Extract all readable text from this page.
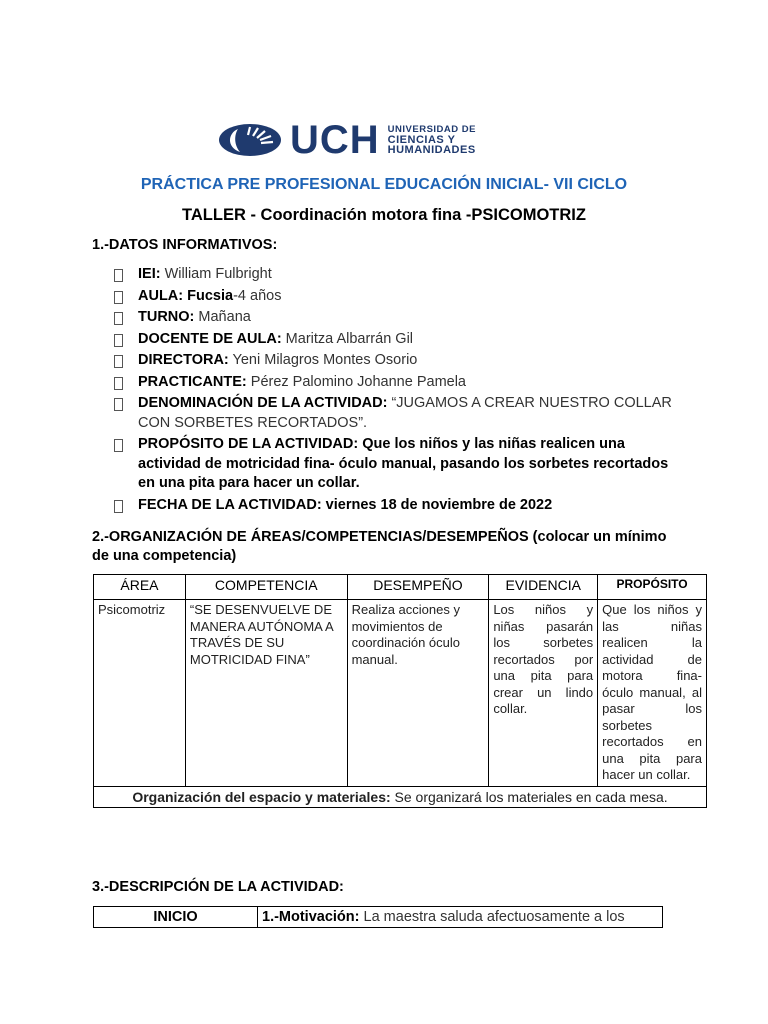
UCH UNIVERSIDAD DE
CIENCIAS Y
HUMANIDADES
PRÁCTICA PRE PROFESIONAL EDUCACIÓN INICIAL- VII CICLO
TALLER - Coordinación motora fina -PSICOMOTRIZ
1.-DATOS INFORMATIVOS:
IEI: William Fulbright
AULA: Fucsia-4 años
TURNO: Mañana
DOCENTE DE AULA: Maritza Albarrán Gil
DIRECTORA: Yeni Milagros Montes Osorio
PRACTICANTE: Pérez Palomino Johanne Pamela
DENOMINACIÓN DE LA ACTIVIDAD: “JUGAMOS A CREAR NUESTRO COLLAR CON SORBETES RECORTADOS”.
PROPÓSITO DE LA ACTIVIDAD: Que los niños y las niñas realicen una actividad de motricidad fina- óculo manual, pasando los sorbetes recortados en una pita para hacer un collar.
FECHA DE LA ACTIVIDAD: viernes 18 de noviembre de 2022
2.-ORGANIZACIÓN DE ÁREAS/COMPETENCIAS/DESEMPEÑOS (colocar un mínimo de una competencia)
ÁREA	COMPETENCIA	DESEMPEÑO	EVIDENCIA	PROPÓSITO
Psicomotriz	“SE DESENVUELVE DE MANERA AUTÓNOMA A TRAVÉS DE SU MOTRICIDAD FINA”	Realiza acciones y movimientos de coordinación óculo manual.	Los niños y niñas pasarán los sorbetes recortados por una pita para crear un lindo collar.	Que los niños y las niñas realicen la actividad de motora fina- óculo manual, al pasar los sorbetes recortados en una pita para hacer un collar.
Organización del espacio y materiales: Se organizará los materiales en cada mesa.				
3.-DESCRIPCIÓN DE LA ACTIVIDAD:
INICIO	1.-Motivación: La maestra saluda afectuosamente a los
